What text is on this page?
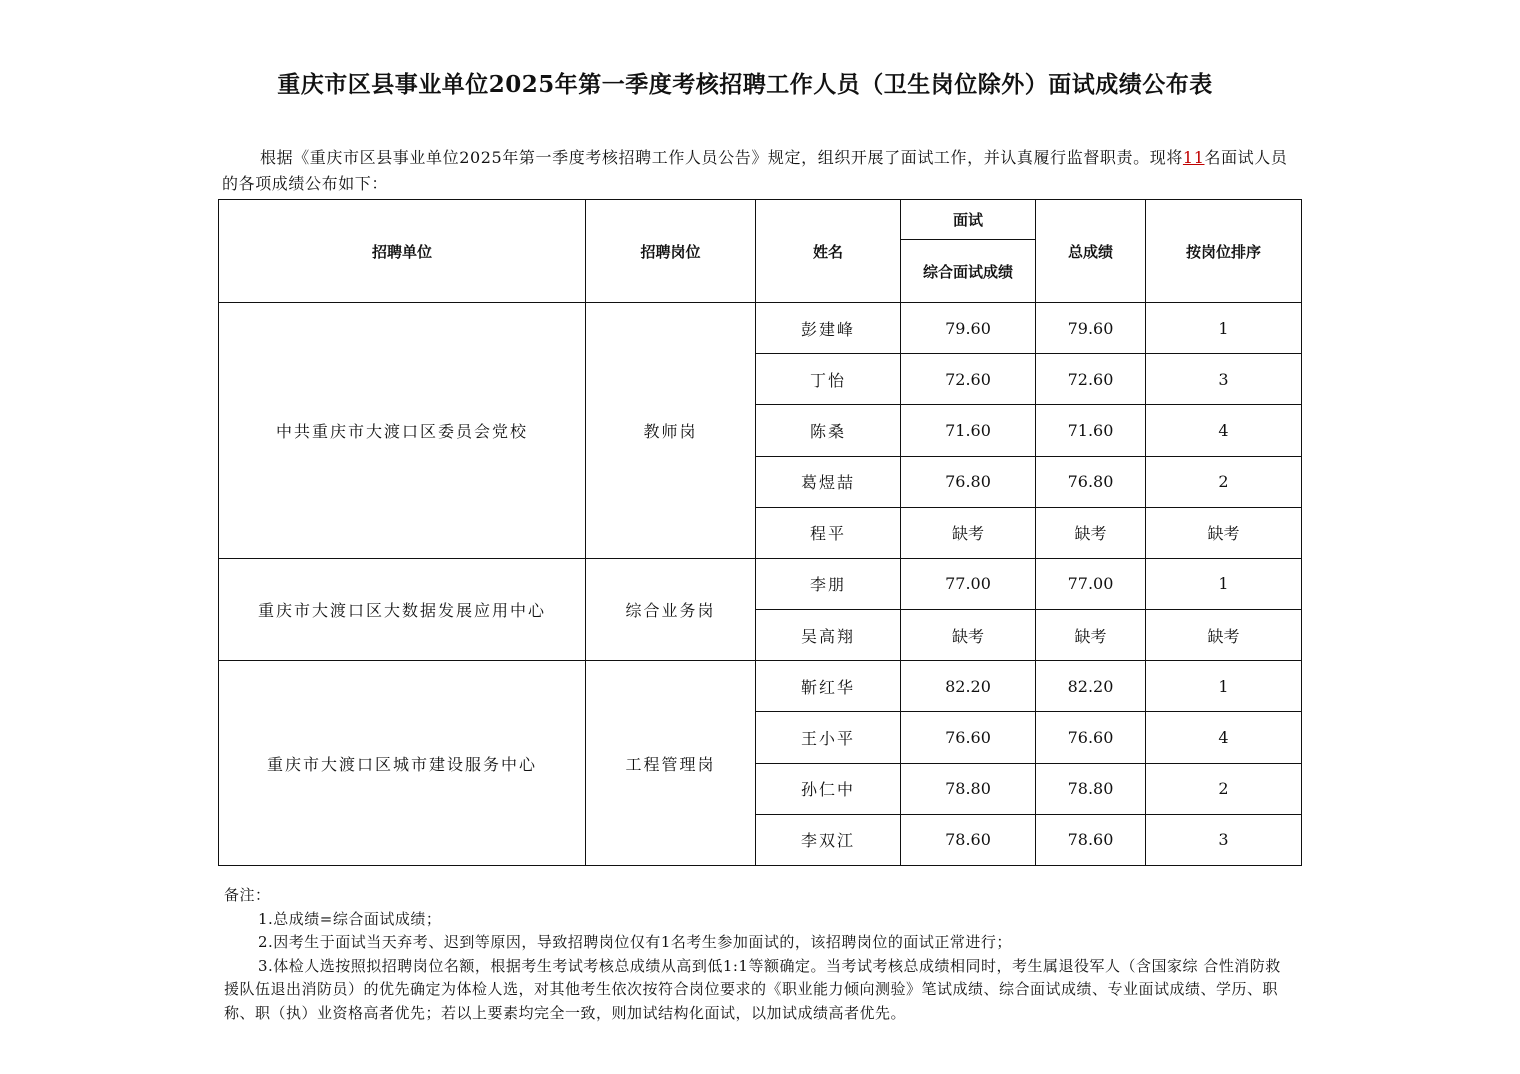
重庆市区县事业单位2025年第一季度考核招聘工作人员（卫生岗位除外）面试成绩公布表
根据《重庆市区县事业单位2025年第一季度考核招聘工作人员公告》规定，组织开展了面试工作，并认真履行监督职责。现将11名面试人员的各项成绩公布如下：
招聘单位	招聘岗位	姓名	面试	总成绩	按岗位排序
			综合面试成绩		
中共重庆市大渡口区委员会党校	教师岗	彭建峰	79.60	79.60	1
		丁怡	72.60	72.60	3
		陈桑	71.60	71.60	4
		葛煜喆	76.80	76.80	2
		程平	缺考	缺考	缺考
重庆市大渡口区大数据发展应用中心	综合业务岗	李朋	77.00	77.00	1
		吴高翔	缺考	缺考	缺考
重庆市大渡口区城市建设服务中心	工程管理岗	靳红华	82.20	82.20	1
		王小平	76.60	76.60	4
		孙仁中	78.80	78.80	2
		李双江	78.60	78.60	3
备注：
1.总成绩=综合面试成绩；
2.因考生于面试当天弃考、迟到等原因，导致招聘岗位仅有1名考生参加面试的，该招聘岗位的面试正常进行；
3.体检人选按照拟招聘岗位名额，根据考生考试考核总成绩从高到低1:1等额确定。当考试考核总成绩相同时，考生属退役军人（含国家综 合性消防救援队伍退出消防员）的优先确定为体检人选，对其他考生依次按符合岗位要求的《职业能力倾向测验》笔试成绩、综合面试成绩、专业面试成绩、学历、职称、职（执）业资格高者优先；若以上要素均完全一致，则加试结构化面试，以加试成绩高者优先。
